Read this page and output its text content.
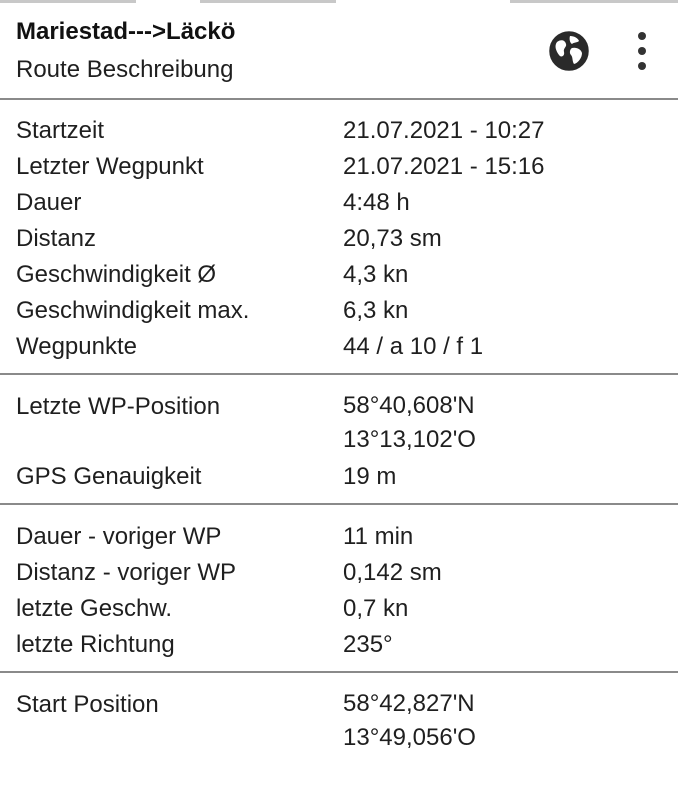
Mariestad--->Läckö
Route Beschreibung
Startzeit	21.07.2021 - 10:27
Letzter Wegpunkt	21.07.2021 - 15:16
Dauer	4:48 h
Distanz	20,73 sm
Geschwindigkeit Ø	4,3 kn
Geschwindigkeit max.	6,3 kn
Wegpunkte	44 / a 10 / f 1
Letzte WP-Position	58°40,608'N
13°13,102'O
GPS Genauigkeit	19 m
Dauer - voriger WP	11 min
Distanz - voriger WP	0,142 sm
letzte Geschw.	0,7 kn
letzte Richtung	235°
Start Position	58°42,827'N
13°49,056'O
